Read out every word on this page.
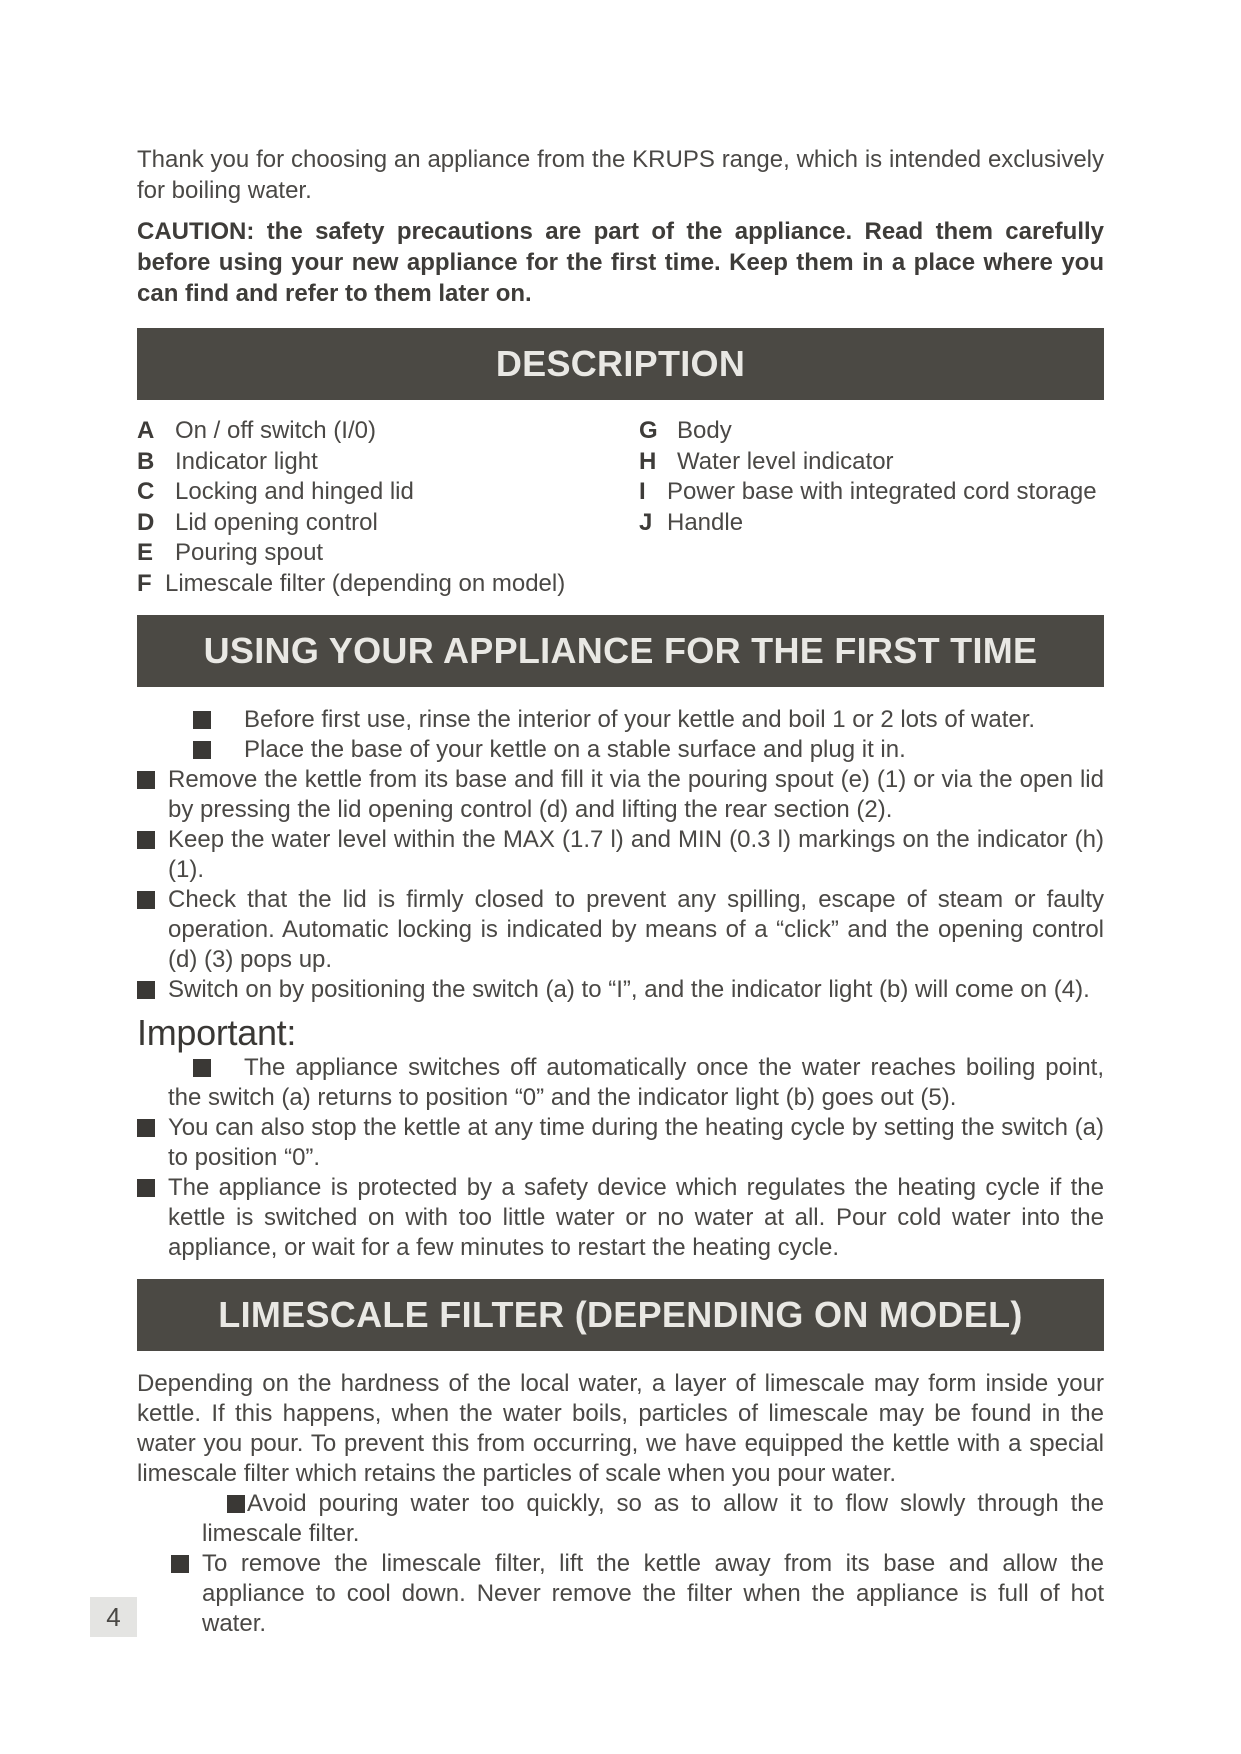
Thank you for choosing an appliance from the KRUPS range, which is intended exclusively for boiling water.

CAUTION: the safety precautions are part of the appliance. Read them carefully before using your new appliance for the first time. Keep them in a place where you can find and refer to them later on.

DESCRIPTION
A On / off switch (I/0)
B Indicator light
C Locking and hinged lid
D Lid opening control
E Pouring spout
F Limescale filter (depending on model)
G Body
H Water level indicator
I Power base with integrated cord storage
J Handle
USING YOUR APPLIANCE FOR THE FIRST TIME
Before first use, rinse the interior of your kettle and boil 1 or 2 lots of water.
Place the base of your kettle on a stable surface and plug it in.
Remove the kettle from its base and fill it via the pouring spout (e) (1) or via the open lid by pressing the lid opening control (d) and lifting the rear section (2).
Keep the water level within the MAX (1.7 l) and MIN (0.3 l) markings on the indicator (h) (1).
Check that the lid is firmly closed to prevent any spilling, escape of steam or faulty operation. Automatic locking is indicated by means of a “click” and the opening control (d) (3) pops up.
Switch on by positioning the switch (a) to “I”, and the indicator light (b) will come on (4).
Important:
The appliance switches off automatically once the water reaches boiling point, the switch (a) returns to position “0” and the indicator light (b) goes out (5).
You can also stop the kettle at any time during the heating cycle by setting the switch (a) to position “0”.
The appliance is protected by a safety device which regulates the heating cycle if the kettle is switched on with too little water or no water at all. Pour cold water into the appliance, or wait for a few minutes to restart the heating cycle.
LIMESCALE FILTER (DEPENDING ON MODEL)

Depending on the hardness of the local water, a layer of limescale may form inside your kettle. If this happens, when the water boils, particles of limescale may be found in the water you pour. To prevent this from occurring, we have equipped the kettle with a special limescale filter which retains the particles of scale when you pour water.

Avoid pouring water too quickly, so as to allow it to flow slowly through the limescale filter.
To remove the limescale filter, lift the kettle away from its base and allow the appliance to cool down. Never remove the filter when the appliance is full of hot water.
4
